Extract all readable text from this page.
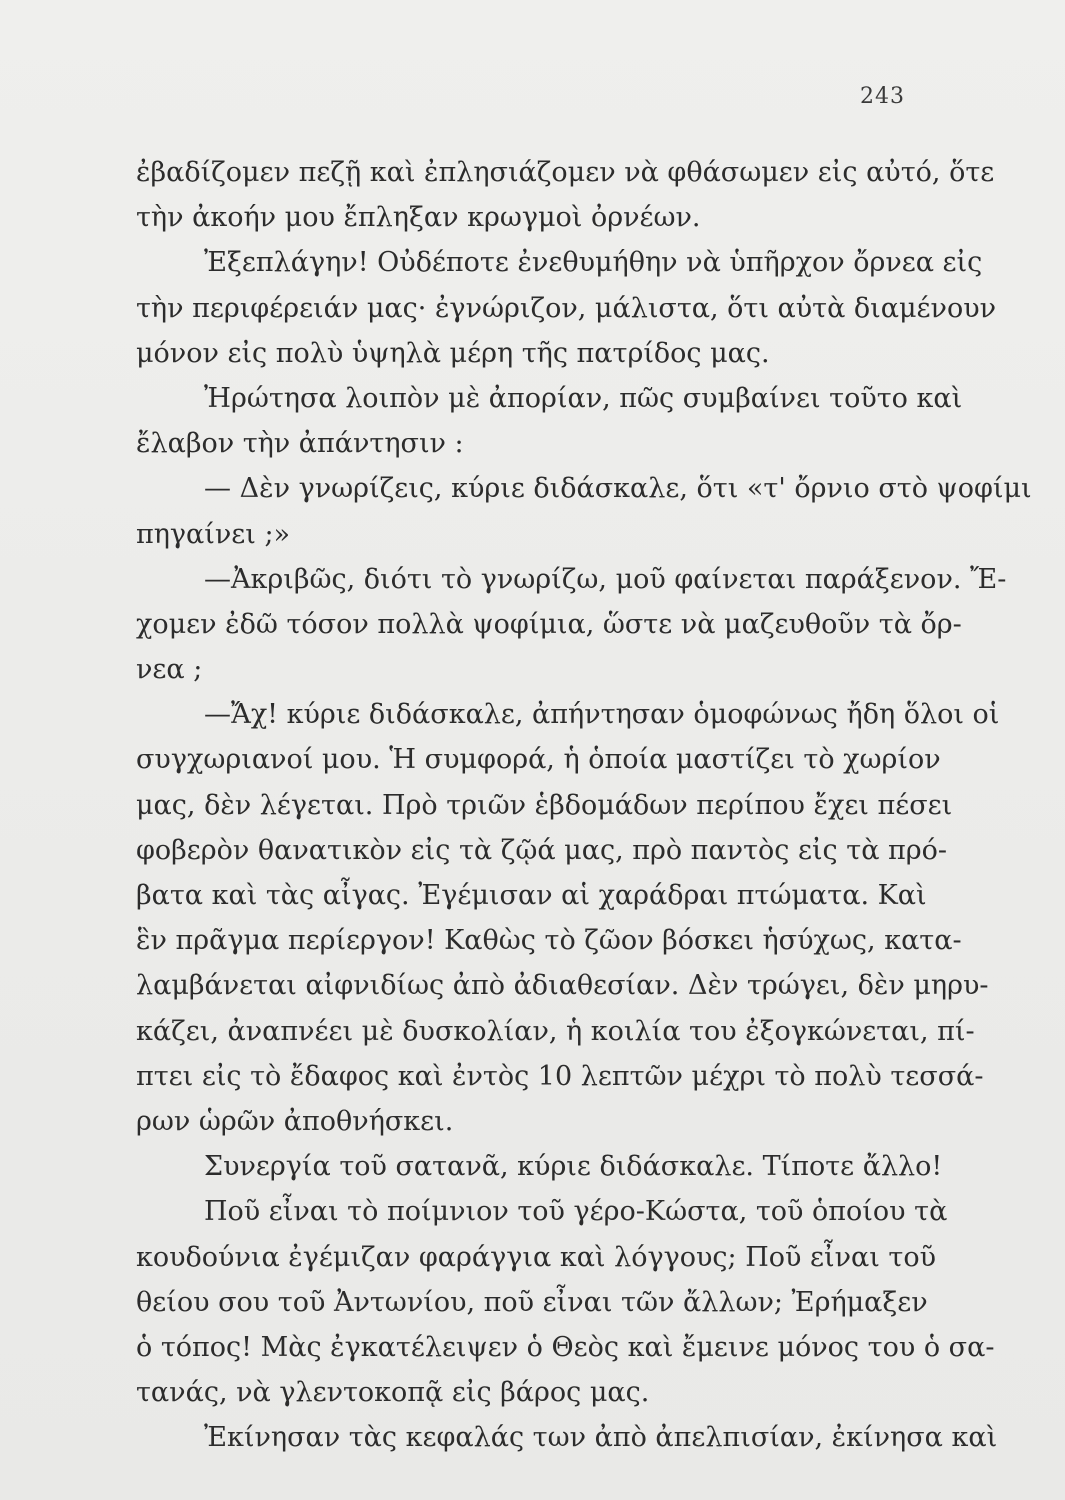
243
ἐβαδίζομεν πεζῇ καὶ ἐπλησιάζομεν νὰ φθάσωμεν εἰς αὐτό, ὅτε
τὴν ἀκοήν μου ἔπληξαν κρωγμοὶ ὀρνέων.
Ἐξεπλάγην! Οὐδέποτε ἐνεθυμήθην νὰ ὑπῆρχον ὄρνεα εἰς
τὴν περιφέρειάν μας· ἐγνώριζον, μάλιστα, ὅτι αὐτὰ διαμένουν
μόνον εἰς πολὺ ὑψηλὰ μέρη τῆς πατρίδος μας.
Ἠρώτησα λοιπὸν μὲ ἀπορίαν, πῶς συμβαίνει τοῦτο καὶ
ἔλαβον τὴν ἀπάντησιν :
— Δὲν γνωρίζεις, κύριε διδάσκαλε, ὅτι «τ' ὄρνιο στὸ ψοφίμι
πηγαίνει ;»
—Ἀκριβῶς, διότι τὸ γνωρίζω, μοῦ φαίνεται παράξενον. Ἔ-
χομεν ἐδῶ τόσον πολλὰ ψοφίμια, ὥστε νὰ μαζευθοῦν τὰ ὄρ-
νεα ;
—Ἄχ! κύριε διδάσκαλε, ἀπήντησαν ὁμοφώνως ἤδη ὅλοι οἱ
συγχωριανοί μου. Ἡ συμφορά, ἡ ὁποία μαστίζει τὸ χωρίον
μας, δὲν λέγεται. Πρὸ τριῶν ἑβδομάδων περίπου ἔχει πέσει
φοβερὸν θανατικὸν εἰς τὰ ζῷά μας, πρὸ παντὸς εἰς τὰ πρό-
βατα καὶ τὰς αἶγας. Ἐγέμισαν αἱ χαράδραι πτώματα. Καὶ
ἓν πρᾶγμα περίεργον! Καθὼς τὸ ζῶον βόσκει ἡσύχως, κατα-
λαμβάνεται αἰφνιδίως ἀπὸ ἀδιαθεσίαν. Δὲν τρώγει, δὲν μηρυ-
κάζει, ἀναπνέει μὲ δυσκολίαν, ἡ κοιλία του ἐξογκώνεται, πί-
πτει εἰς τὸ ἔδαφος καὶ ἐντὸς 10 λεπτῶν μέχρι τὸ πολὺ τεσσά-
ρων ὡρῶν ἀποθνήσκει.
Συνεργία τοῦ σατανᾶ, κύριε διδάσκαλε. Τίποτε ἄλλο!
Ποῦ εἶναι τὸ ποίμνιον τοῦ γέρο-Κώστα, τοῦ ὁποίου τὰ
κουδούνια ἐγέμιζαν φαράγγια καὶ λόγγους; Ποῦ εἶναι τοῦ
θείου σου τοῦ Ἀντωνίου, ποῦ εἶναι τῶν ἄλλων; Ἐρήμαξεν
ὁ τόπος! Μὰς ἐγκατέλειψεν ὁ Θεὸς καὶ ἔμεινε μόνος του ὁ σα-
τανάς, νὰ γλεντοκοπᾷ εἰς βάρος μας.
Ἐκίνησαν τὰς κεφαλάς των ἀπὸ ἀπελπισίαν, ἐκίνησα καὶ
